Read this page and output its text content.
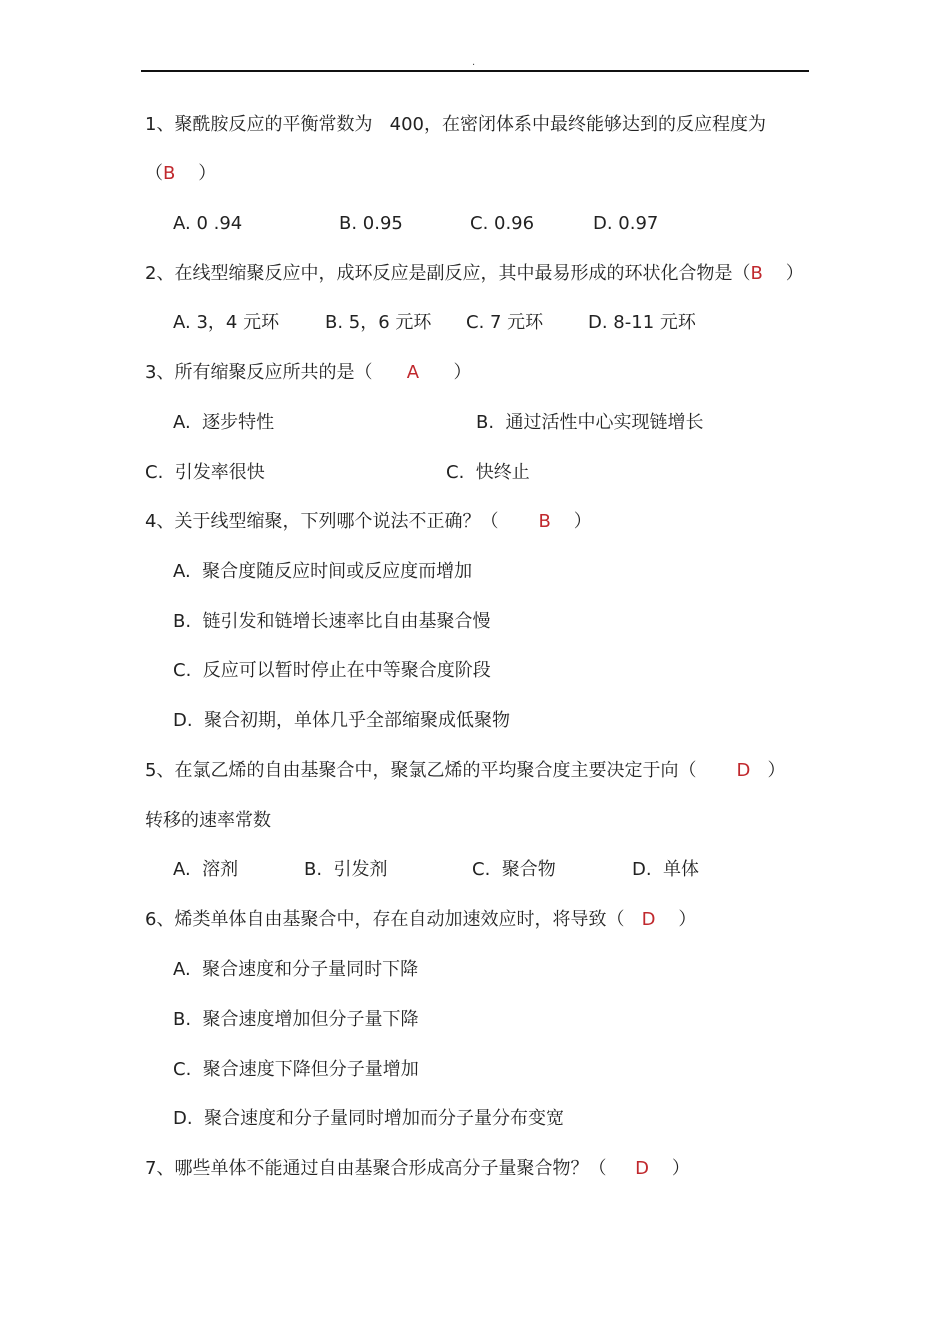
.
1、聚酰胺反应的平衡常数为   400，在密闭体系中最终能够达到的反应程度为
（B    ）
A. 0 .94	B. 0.95	C. 0.96	D. 0.97
2、在线型缩聚反应中，成环反应是副反应，其中最易形成的环状化合物是（B    ）
A. 3，4 元环	B. 5，6 元环 C. 7 元环 D. 8-11 元环
3、所有缩聚反应所共的是（      A      ）
A.  逐步特性	B.  通过活性中心实现链增长
C.  引发率很快	C.  快终止
4、关于线型缩聚，下列哪个说法不正确？（       B    ）
A.  聚合度随反应时间或反应度而增加
B.  链引发和链增长速率比自由基聚合慢
C.  反应可以暂时停止在中等聚合度阶段
D.  聚合初期，单体几乎全部缩聚成低聚物
5、在氯乙烯的自由基聚合中，聚氯乙烯的平均聚合度主要决定于向（       D   ）
转移的速率常数
A.  溶剂	B.  引发剂	C.  聚合物	D.  单体
6、烯类单体自由基聚合中，存在自动加速效应时，将导致（   D    ）
A.  聚合速度和分子量同时下降
B.  聚合速度增加但分子量下降
C.  聚合速度下降但分子量增加
D.  聚合速度和分子量同时增加而分子量分布变宽
7、哪些单体不能通过自由基聚合形成高分子量聚合物？（     D    ）
